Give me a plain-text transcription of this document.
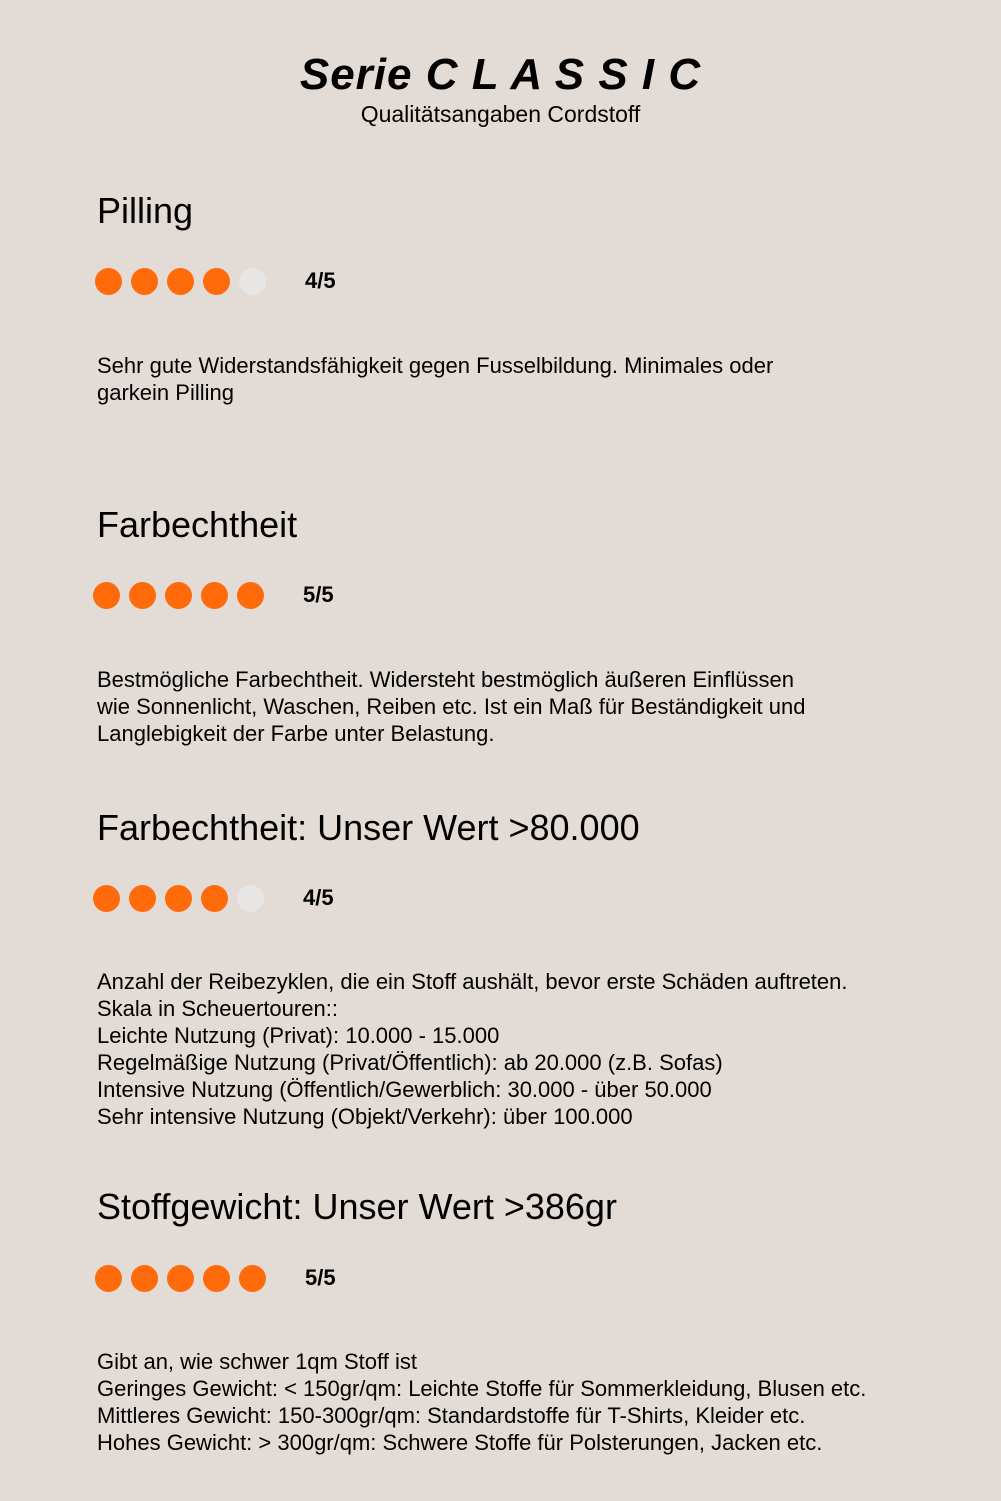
Serie C L A S S I C
Qualitätsangaben Cordstoff
Pilling
4/5
Sehr gute Widerstandsfähigkeit gegen Fusselbildung. Minimales oder
garkein Pilling
Farbechtheit
5/5
Bestmögliche Farbechtheit. Widersteht bestmöglich äußeren Einflüssen
wie Sonnenlicht, Waschen, Reiben etc. Ist ein Maß für Beständigkeit und
Langlebigkeit der Farbe unter Belastung.
Farbechtheit: Unser Wert >80.000
4/5
Anzahl der Reibezyklen, die ein Stoff aushält, bevor erste Schäden auftreten.
Skala in Scheuertouren::
Leichte Nutzung (Privat): 10.000 - 15.000
Regelmäßige Nutzung (Privat/Öffentlich): ab 20.000 (z.B. Sofas)
Intensive Nutzung (Öffentlich/Gewerblich: 30.000 - über 50.000
Sehr intensive Nutzung (Objekt/Verkehr): über 100.000
Stoffgewicht: Unser Wert >386gr
5/5
Gibt an, wie schwer 1qm Stoff ist
Geringes Gewicht: < 150gr/qm: Leichte Stoffe für Sommerkleidung, Blusen etc.
Mittleres Gewicht: 150-300gr/qm: Standardstoffe für T-Shirts, Kleider etc.
Hohes Gewicht: > 300gr/qm: Schwere Stoffe für Polsterungen, Jacken etc.
